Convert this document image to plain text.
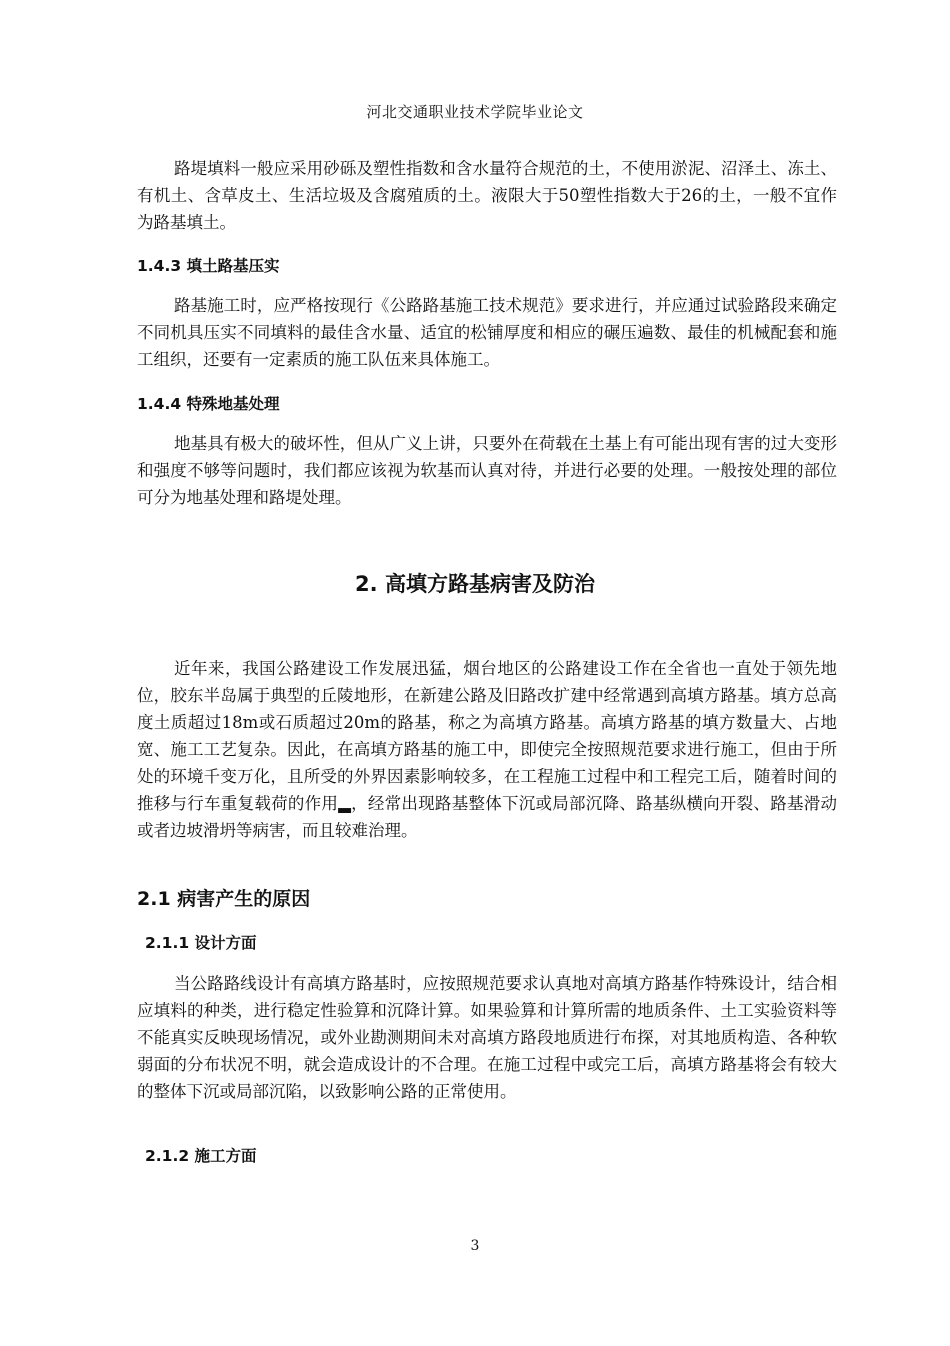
河北交通职业技术学院毕业论文

路堤填料一般应采用砂砾及塑性指数和含水量符合规范的土，不使用淤泥、沼泽土、冻土、有机土、含草皮土、生活垃圾及含腐殖质的土。液限大于50塑性指数大于26的土，一般不宜作为路基填土。

1.4.3 填土路基压实

路基施工时，应严格按现行《公路路基施工技术规范》要求进行，并应通过试验路段来确定不同机具压实不同填料的最佳含水量、适宜的松铺厚度和相应的碾压遍数、最佳的机械配套和施工组织，还要有一定素质的施工队伍来具体施工。

1.4.4 特殊地基处理

地基具有极大的破坏性，但从广义上讲，只要外在荷载在土基上有可能出现有害的过大变形和强度不够等问题时，我们都应该视为软基而认真对待，并进行必要的处理。一般按处理的部位可分为地基处理和路堤处理。

2. 高填方路基病害及防治

近年来，我国公路建设工作发展迅猛，烟台地区的公路建设工作在全省也一直处于领先地位，胶东半岛属于典型的丘陵地形，在新建公路及旧路改扩建中经常遇到高填方路基。填方总高度土质超过18m或石质超过20m的路基，称之为高填方路基。高填方路基的填方数量大、占地宽、施工工艺复杂。因此，在高填方路基的施工中，即使完全按照规范要求进行施工，但由于所处的环境千变万化，且所受的外界因素影响较多，在工程施工过程中和工程完工后，随着时间的推移与行车重复载荷的作用▂，经常出现路基整体下沉或局部沉降、路基纵横向开裂、路基滑动或者边坡滑坍等病害，而且较难治理。

2.1 病害产生的原因
2.1.1 设计方面

当公路路线设计有高填方路基时，应按照规范要求认真地对高填方路基作特殊设计，结合相应填料的种类，进行稳定性验算和沉降计算。如果验算和计算所需的地质条件、土工实验资料等不能真实反映现场情况，或外业勘测期间未对高填方路段地质进行布探，对其地质构造、各种软弱面的分布状况不明，就会造成设计的不合理。在施工过程中或完工后，高填方路基将会有较大的整体下沉或局部沉陷，以致影响公路的正常使用。

2.1.2 施工方面
3
